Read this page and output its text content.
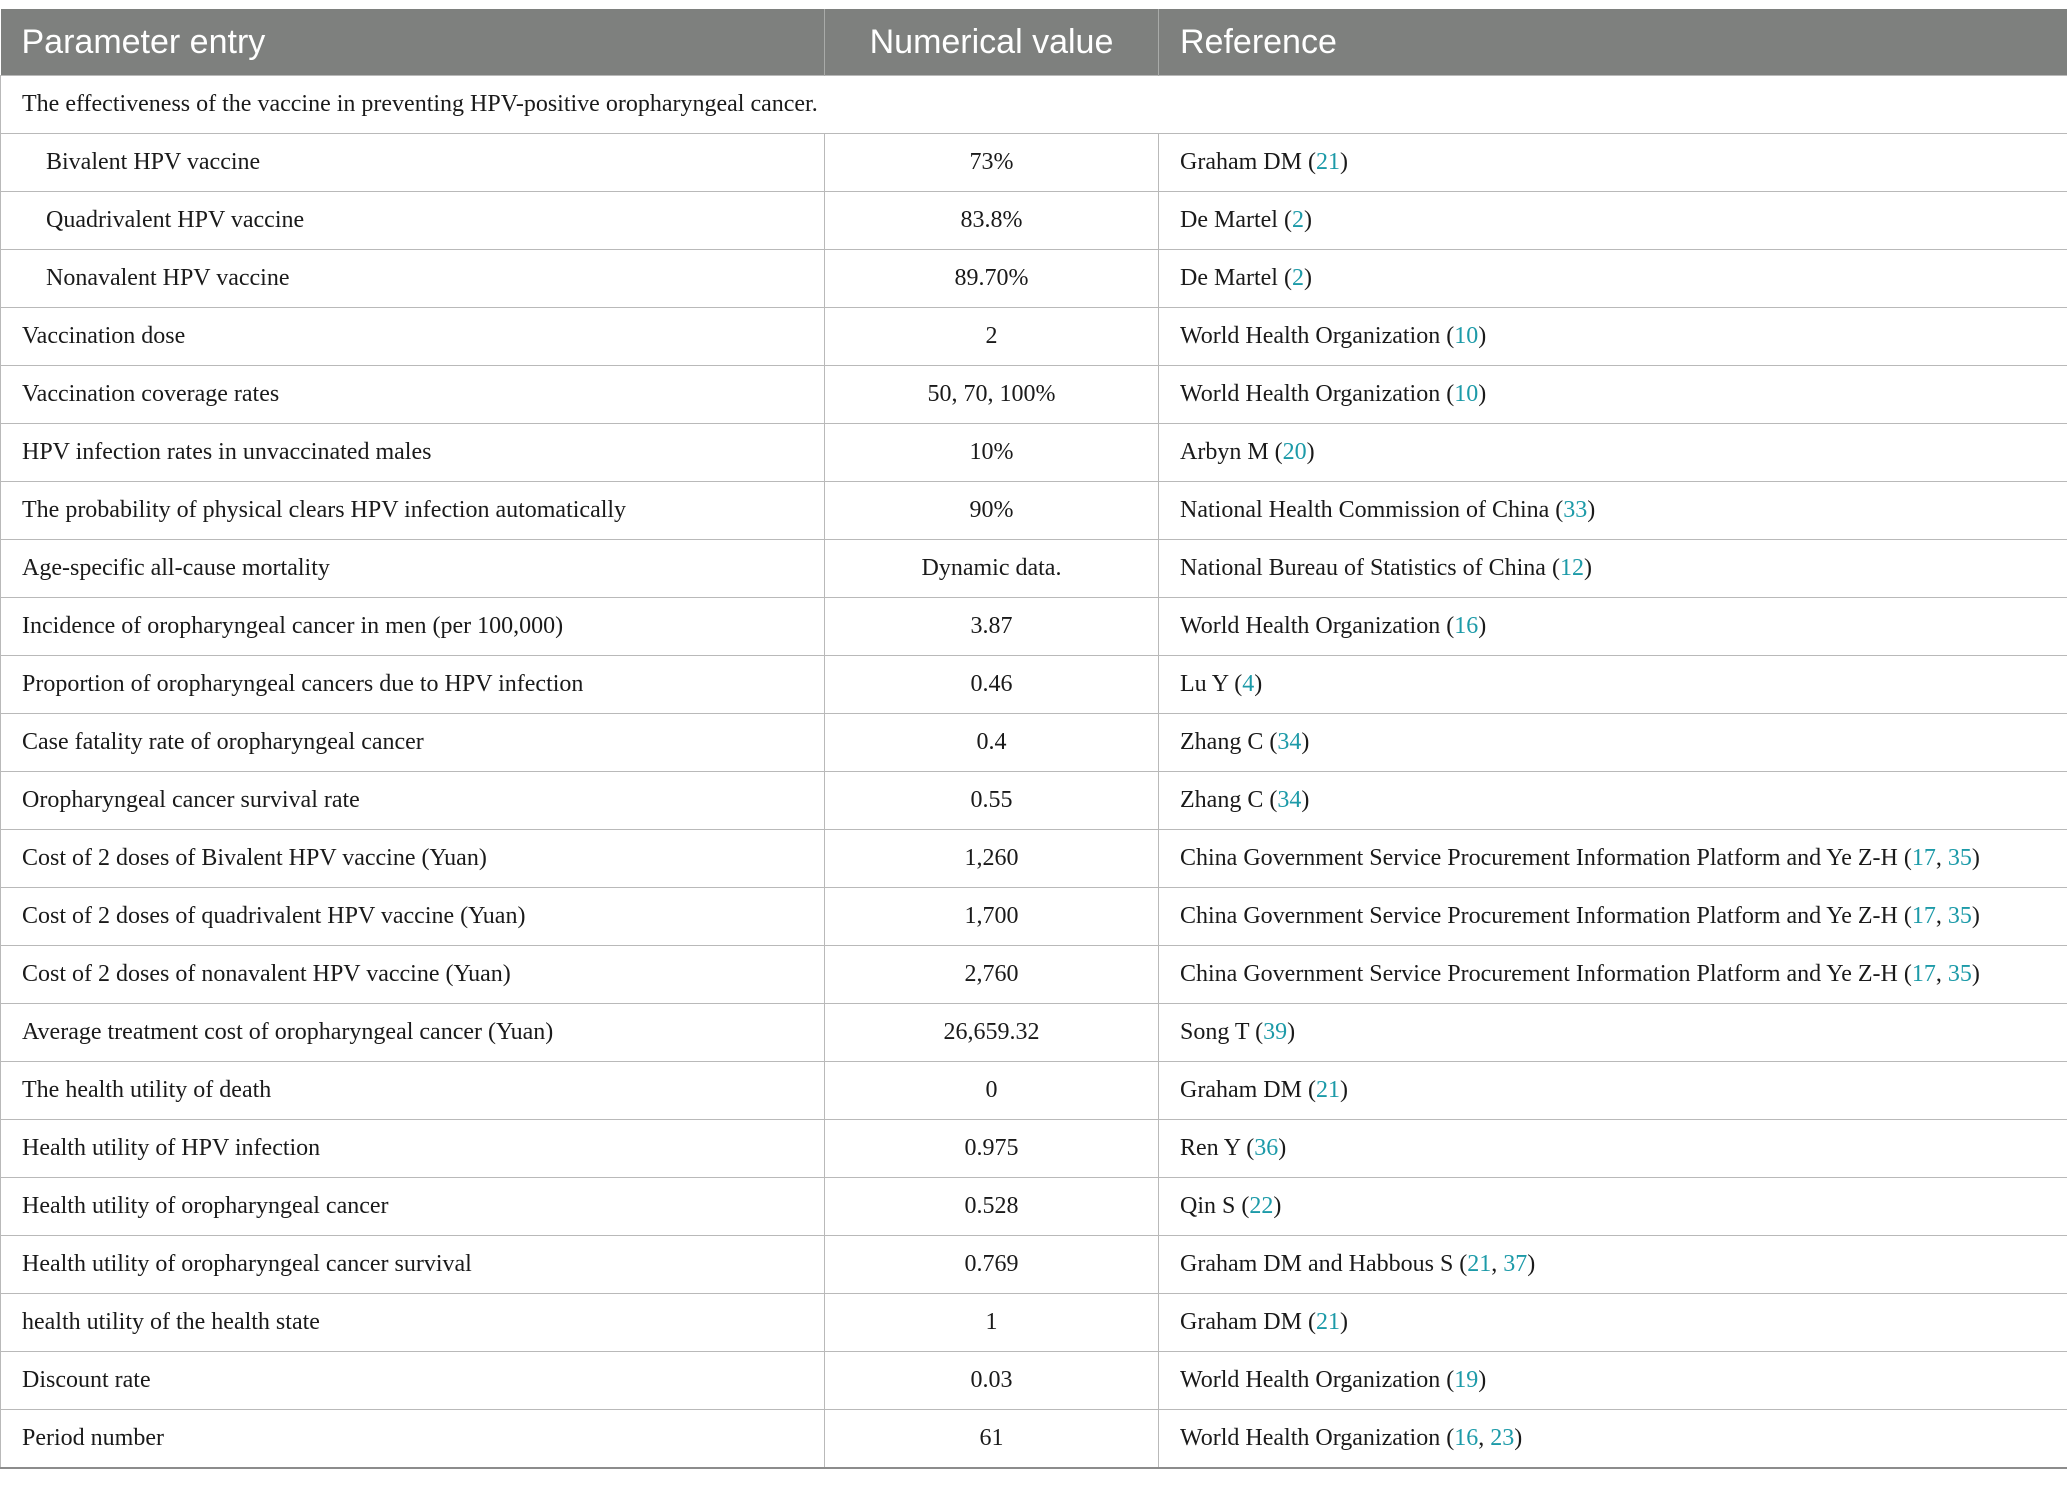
Parameter entry	Numerical value	Reference
The effectiveness of the vaccine in preventing HPV-positive oropharyngeal cancer.		
Bivalent HPV vaccine	73%	Graham DM (21)
Quadrivalent HPV vaccine	83.8%	De Martel (2)
Nonavalent HPV vaccine	89.70%	De Martel (2)
Vaccination dose	2	World Health Organization (10)
Vaccination coverage rates	50, 70, 100%	World Health Organization (10)
HPV infection rates in unvaccinated males	10%	Arbyn M (20)
The probability of physical clears HPV infection automatically	90%	National Health Commission of China (33)
Age-specific all-cause mortality	Dynamic data.	National Bureau of Statistics of China (12)
Incidence of oropharyngeal cancer in men (per 100,000)	3.87	World Health Organization (16)
Proportion of oropharyngeal cancers due to HPV infection	0.46	Lu Y (4)
Case fatality rate of oropharyngeal cancer	0.4	Zhang C (34)
Oropharyngeal cancer survival rate	0.55	Zhang C (34)
Cost of 2 doses of Bivalent HPV vaccine (Yuan)	1,260	China Government Service Procurement Information Platform and Ye Z-H (17, 35)
Cost of 2 doses of quadrivalent HPV vaccine (Yuan)	1,700	China Government Service Procurement Information Platform and Ye Z-H (17, 35)
Cost of 2 doses of nonavalent HPV vaccine (Yuan)	2,760	China Government Service Procurement Information Platform and Ye Z-H (17, 35)
Average treatment cost of oropharyngeal cancer (Yuan)	26,659.32	Song T (39)
The health utility of death	0	Graham DM (21)
Health utility of HPV infection	0.975	Ren Y (36)
Health utility of oropharyngeal cancer	0.528	Qin S (22)
Health utility of oropharyngeal cancer survival	0.769	Graham DM and Habbous S (21, 37)
health utility of the health state	1	Graham DM (21)
Discount rate	0.03	World Health Organization (19)
Period number	61	World Health Organization (16, 23)
